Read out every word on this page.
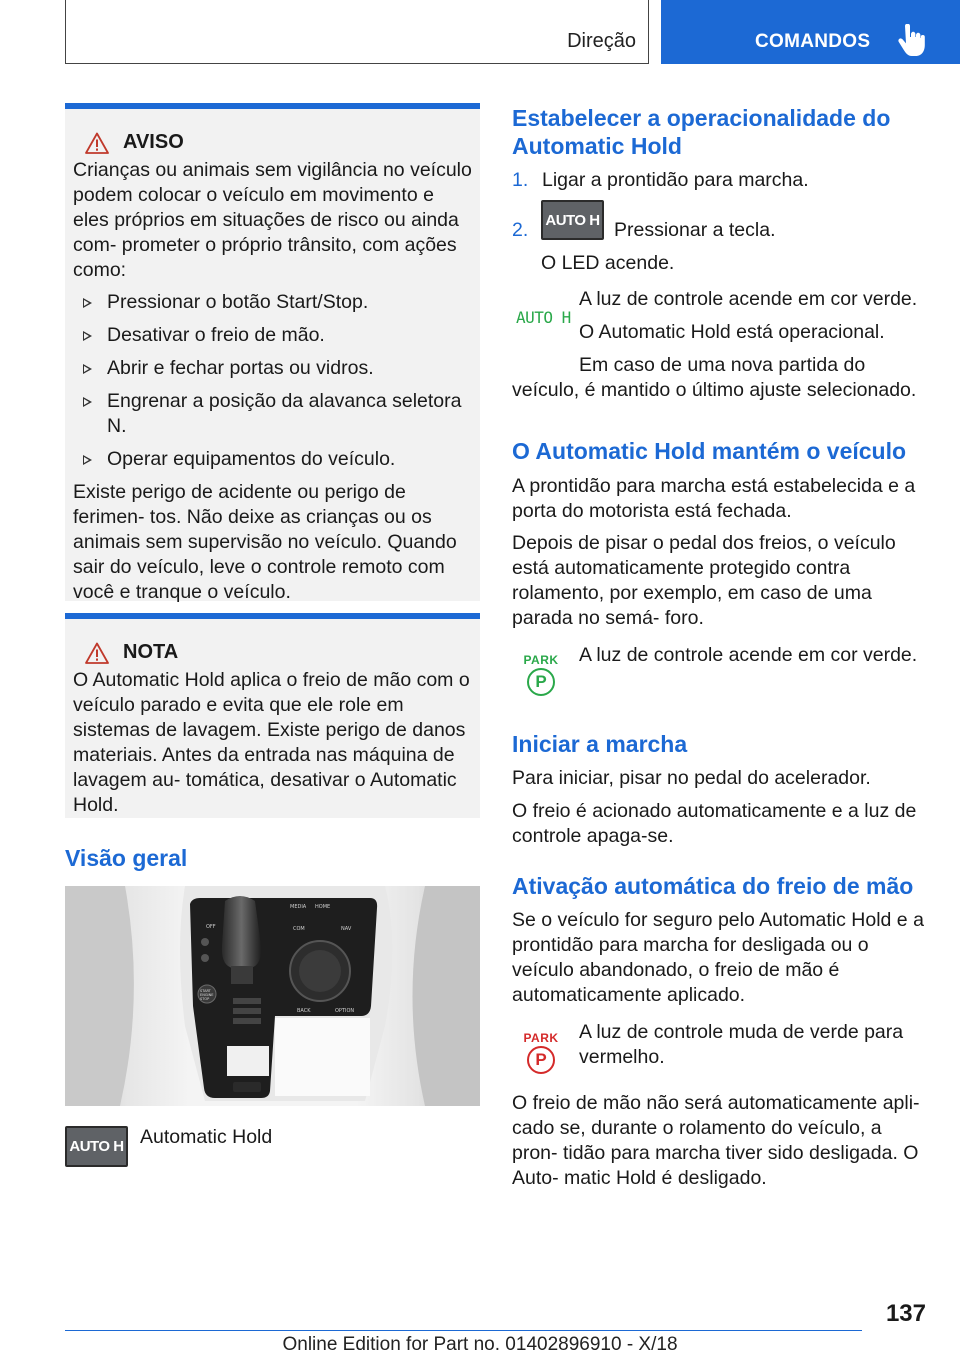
Direção	COMANDOS
AVISO

Crianças ou animais sem vigilância no veículo podem colocar o veículo em movimento e eles próprios em situações de risco ou ainda com- prometer o próprio trânsito, com ações como:

Pressionar o botão Start/Stop.
Desativar o freio de mão.
Abrir e fechar portas ou vidros.
Engrenar a posição da alavanca seletora N.
Operar equipamentos do veículo.

Existe perigo de acidente ou perigo de ferimen- tos. Não deixe as crianças ou os animais sem supervisão no veículo. Quando sair do veículo, leve o controle remoto com você e tranque o veículo.

NOTA

O Automatic Hold aplica o freio de mão com o veículo parado e evita que ele role em sistemas de lavagem. Existe perigo de danos materiais. Antes da entrada nas máquina de lavagem au- tomática, desativar o Automatic Hold.

Visão geral
MEDIA HOME
COM	NAV
BACK	OPTION
OFF
START
ENGINE
STOP
AUTO H Automatic Hold
Estabelecer a operacionalidade do Automatic Hold
1. Ligar a prontidão para marcha.
2. AUTO H Pressionar a tecla.
O LED acende.
AUTO H
A luz de controle acende em cor verde.
O Automatic Hold está operacional.
Em caso de uma nova partida do veículo, é mantido o último ajuste selecionado.
O Automatic Hold mantém o veículo
A prontidão para marcha está estabelecida e a porta do motorista está fechada.
Depois de pisar o pedal dos freios, o veículo está automaticamente protegido contra rolamento, por exemplo, em caso de uma parada no semá- foro.
PARK
P
A luz de controle acende em cor verde.
Iniciar a marcha
Para iniciar, pisar no pedal do acelerador.
O freio é acionado automaticamente e a luz de controle apaga-se.
Ativação automática do freio de mão
Se o veículo for seguro pelo Automatic Hold e a prontidão para marcha for desligada ou o veículo abandonado, o freio de mão é automaticamente aplicado.
PARK
P
A luz de controle muda de verde para vermelho.
O freio de mão não será automaticamente apli- cado se, durante o rolamento do veículo, a pron- tidão para marcha tiver sido desligada. O Auto- matic Hold é desligado.
137
Online Edition for Part no. 01402896910 - X/18
